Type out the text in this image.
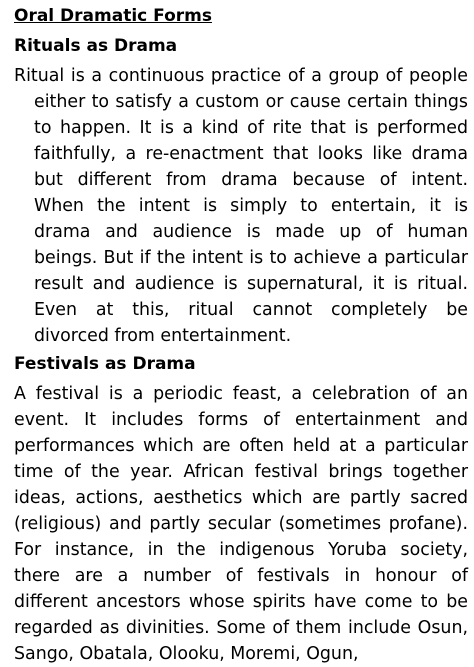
Oral Dramatic Forms
Rituals as Drama

Ritual is a continuous practice of a group of people either to satisfy a custom or cause certain things to happen. It is a kind of rite that is performed faithfully, a re-enactment that looks like drama but different from drama because of intent. When the intent is simply to entertain, it is drama and audience is made up of human beings. But if the intent is to achieve a particular result and audience is supernatural, it is ritual. Even at this, ritual cannot completely be divorced from entertainment.

Festivals as Drama

A festival is a periodic feast, a celebration of an event. It includes forms of entertainment and performances which are often held at a particular time of the year. African festival brings together ideas, actions, aesthetics which are partly sacred (religious) and partly secular (sometimes profane). For instance, in the indigenous Yoruba society, there are a number of festivals in honour of different ancestors whose spirits have come to be regarded as divinities. Some of them include Osun, Sango, Obatala, Olooku, Moremi, Ogun,
